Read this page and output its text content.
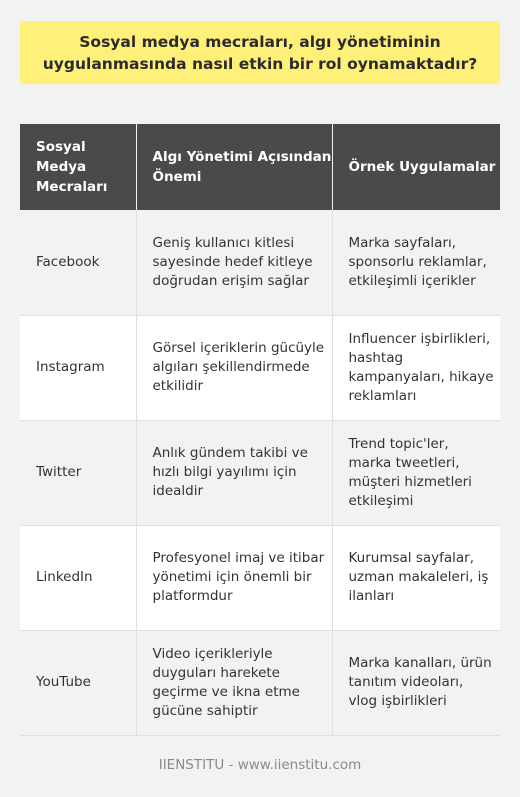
Sosyal medya mecraları, algı yönetiminin uygulanmasında nasıl etkin bir rol oynamaktadır?
Sosyal Medya Mecraları	Algı Yönetimi Açısından Önemi	Örnek Uygulamalar
Facebook	Geniş kullanıcı kitlesi sayesinde hedef kitleye doğrudan erişim sağlar	Marka sayfaları, sponsorlu reklamlar, etkileşimli içerikler
Instagram	Görsel içeriklerin gücüyle algıları şekillendirmede etkilidir	Influencer işbirlikleri, hashtag kampanyaları, hikaye reklamları
Twitter	Anlık gündem takibi ve hızlı bilgi yayılımı için idealdir	Trend topic'ler, marka tweetleri, müşteri hizmetleri etkileşimi
LinkedIn	Profesyonel imaj ve itibar yönetimi için önemli bir platformdur	Kurumsal sayfalar, uzman makaleleri, iş ilanları
YouTube	Video içerikleriyle duyguları harekete geçirme ve ikna etme gücüne sahiptir	Marka kanalları, ürün tanıtım videoları, vlog işbirlikleri
IIENSTITU - www.iienstitu.com
